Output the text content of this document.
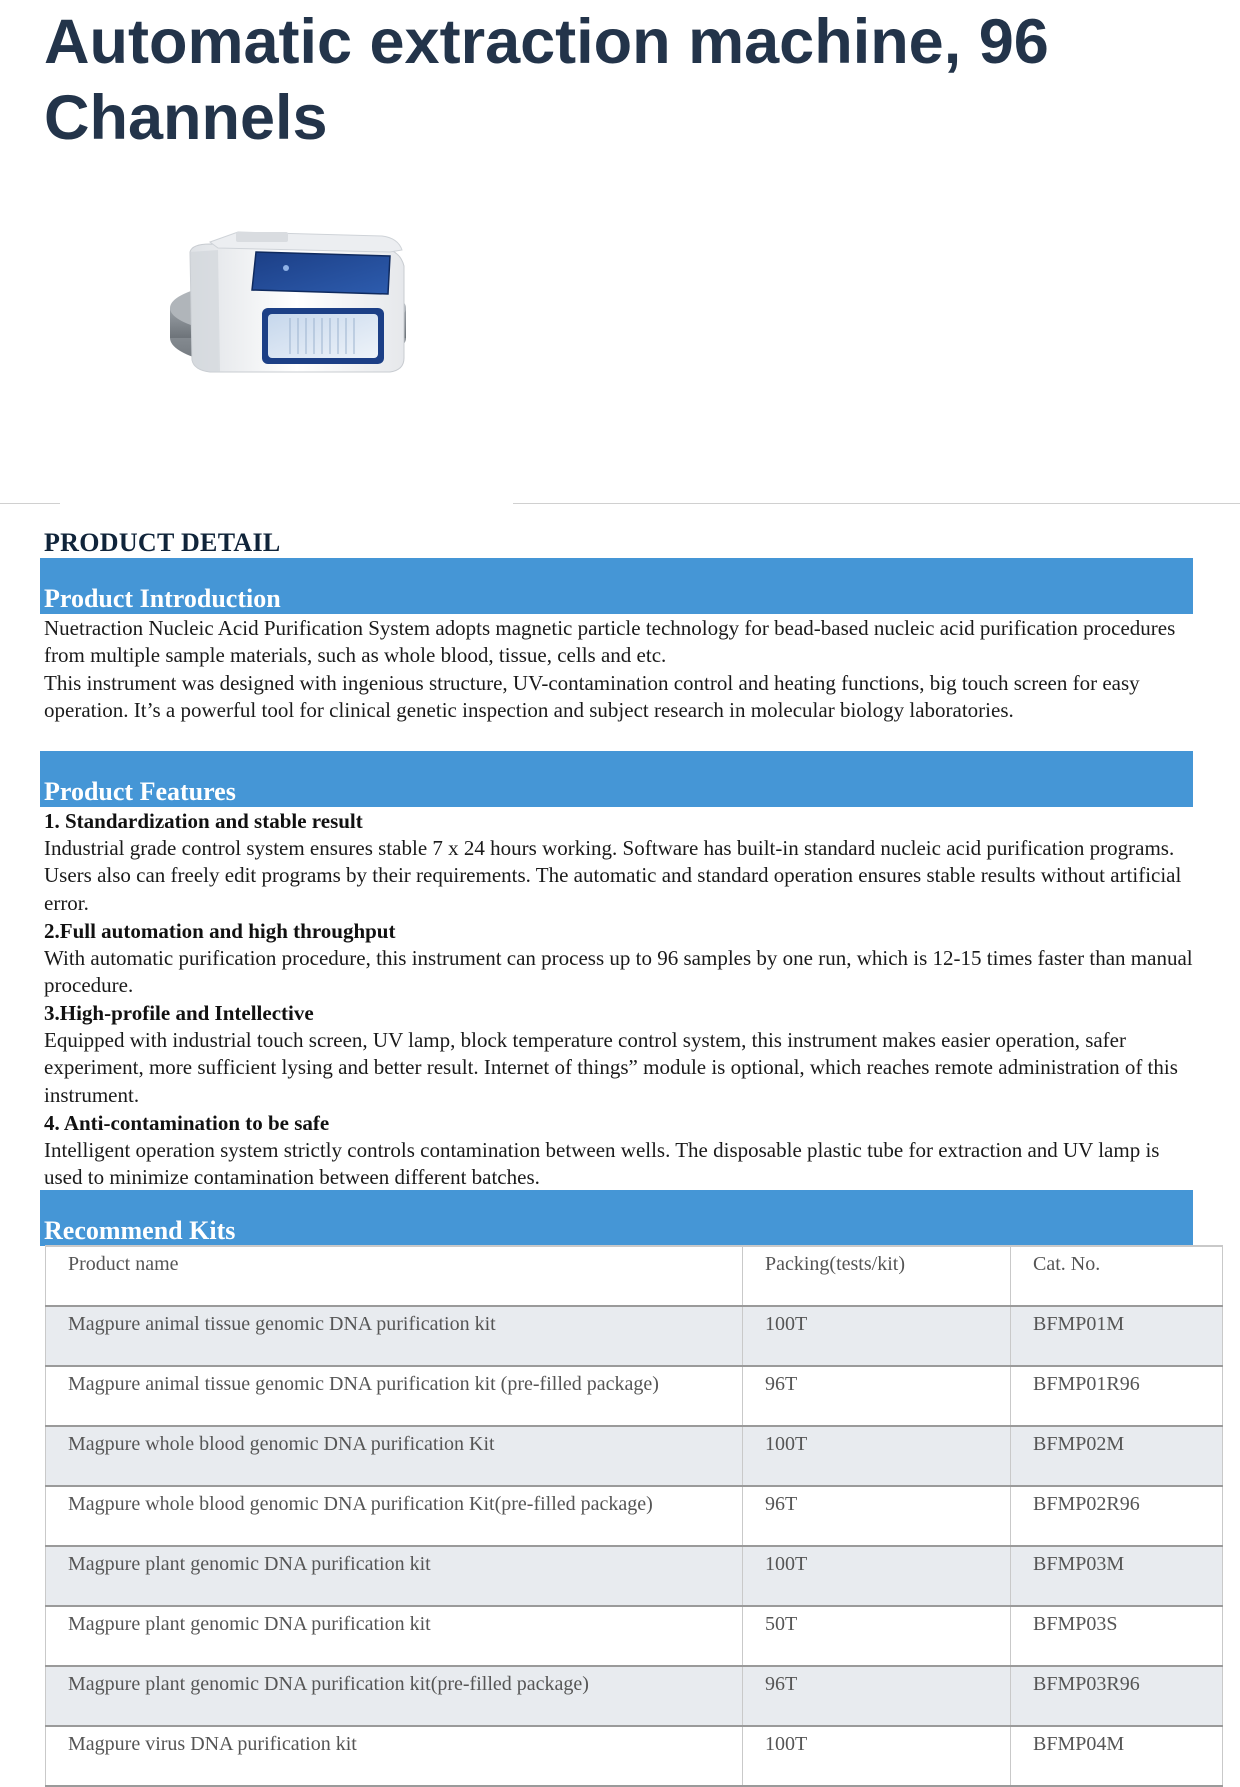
Automatic extraction machine, 96 Channels
PRODUCT DETAIL
Product Introduction

Nuetraction Nucleic Acid Purification System adopts magnetic particle technology for bead-based nucleic acid purification procedures from multiple sample materials, such as whole blood, tissue, cells and etc.

This instrument was designed with ingenious structure, UV-contamination control and heating functions, big touch screen for easy operation. It’s a powerful tool for clinical genetic inspection and subject research in molecular biology laboratories.

Product Features

1. Standardization and stable result

Industrial grade control system ensures stable 7 x 24 hours working. Software has built-in standard nucleic acid purification programs. Users also can freely edit programs by their requirements. The automatic and standard operation ensures stable results without artificial error.

2.Full automation and high throughput

With automatic purification procedure, this instrument can process up to 96 samples by one run, which is 12-15 times faster than manual procedure.

3.High-profile and Intellective

Equipped with industrial touch screen, UV lamp, block temperature control system, this instrument makes easier operation, safer experiment, more sufficient lysing and better result. Internet of things” module is optional, which reaches remote administration of this instrument.

4. Anti-contamination to be safe

Intelligent operation system strictly controls contamination between wells. The disposable plastic tube for extraction and UV lamp is used to minimize contamination between different batches.

Recommend Kits
Product name	Packing(tests/kit)	Cat. No.
Magpure animal tissue genomic DNA purification kit	100T	BFMP01M
Magpure animal tissue genomic DNA purification kit (pre-filled package)	96T	BFMP01R96
Magpure whole blood genomic DNA purification Kit	100T	BFMP02M
Magpure whole blood genomic DNA purification Kit(pre-filled package)	96T	BFMP02R96
Magpure plant genomic DNA purification kit	100T	BFMP03M
Magpure plant genomic DNA purification kit	50T	BFMP03S
Magpure plant genomic DNA purification kit(pre-filled package)	96T	BFMP03R96
Magpure virus DNA purification kit	100T	BFMP04M
